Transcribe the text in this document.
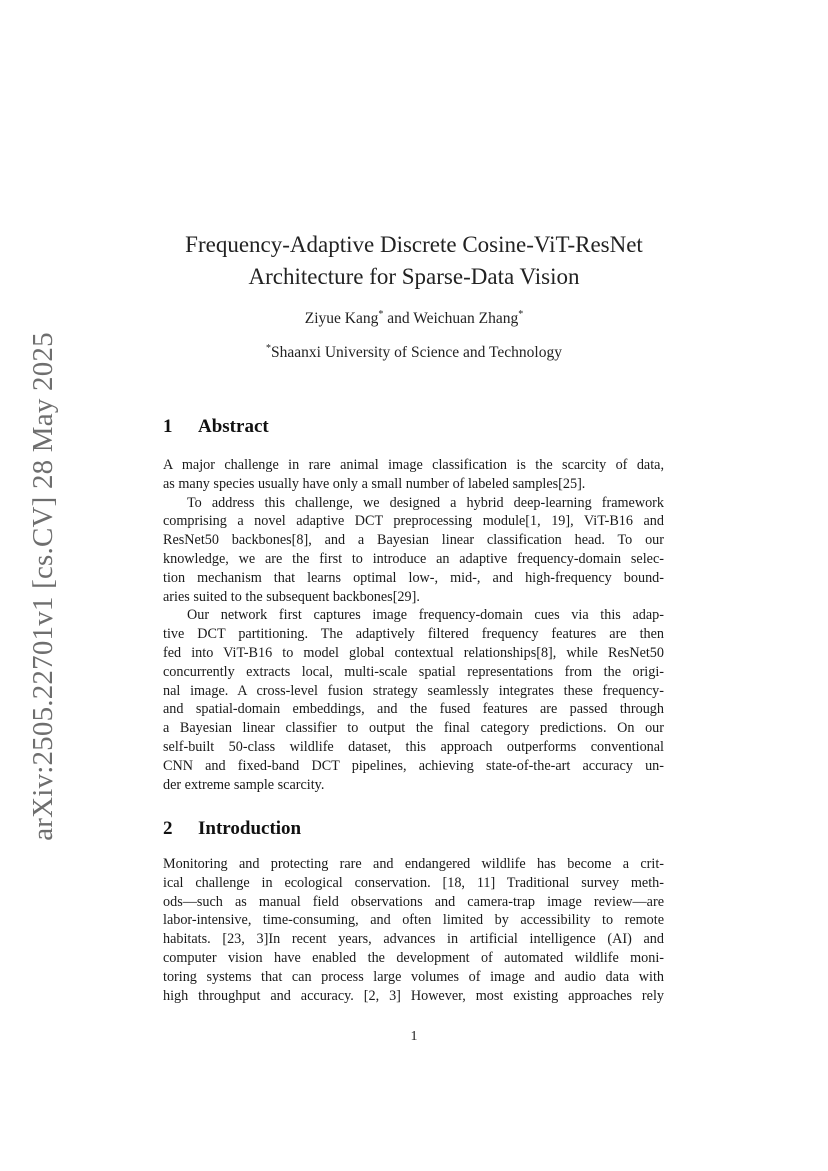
arXiv:2505.22701v1 [cs.CV] 28 May 2025
Frequency-Adaptive Discrete Cosine-ViT-ResNet
Architecture for Sparse-Data Vision
Ziyue Kang* and Weichuan Zhang*
*Shaanxi University of Science and Technology
1 Abstract
A major challenge in rare animal image classification is the scarcity of data,
as many species usually have only a small number of labeled samples[25].
To address this challenge, we designed a hybrid deep-learning framework
comprising a novel adaptive DCT preprocessing module[1, 19], ViT-B16 and
ResNet50 backbones[8], and a Bayesian linear classification head. To our
knowledge, we are the first to introduce an adaptive frequency-domain selec-
tion mechanism that learns optimal low-, mid-, and high-frequency bound-
aries suited to the subsequent backbones[29].
Our network first captures image frequency-domain cues via this adap-
tive DCT partitioning. The adaptively filtered frequency features are then
fed into ViT-B16 to model global contextual relationships[8], while ResNet50
concurrently extracts local, multi-scale spatial representations from the origi-
nal image. A cross-level fusion strategy seamlessly integrates these frequency-
and spatial-domain embeddings, and the fused features are passed through
a Bayesian linear classifier to output the final category predictions. On our
self-built 50-class wildlife dataset, this approach outperforms conventional
CNN and fixed-band DCT pipelines, achieving state-of-the-art accuracy un-
der extreme sample scarcity.
2 Introduction
Monitoring and protecting rare and endangered wildlife has become a crit-
ical challenge in ecological conservation. [18, 11] Traditional survey meth-
ods—such as manual field observations and camera-trap image review—are
labor-intensive, time-consuming, and often limited by accessibility to remote
habitats. [23, 3]In recent years, advances in artificial intelligence (AI) and
computer vision have enabled the development of automated wildlife moni-
toring systems that can process large volumes of image and audio data with
high throughput and accuracy. [2, 3] However, most existing approaches rely
1
